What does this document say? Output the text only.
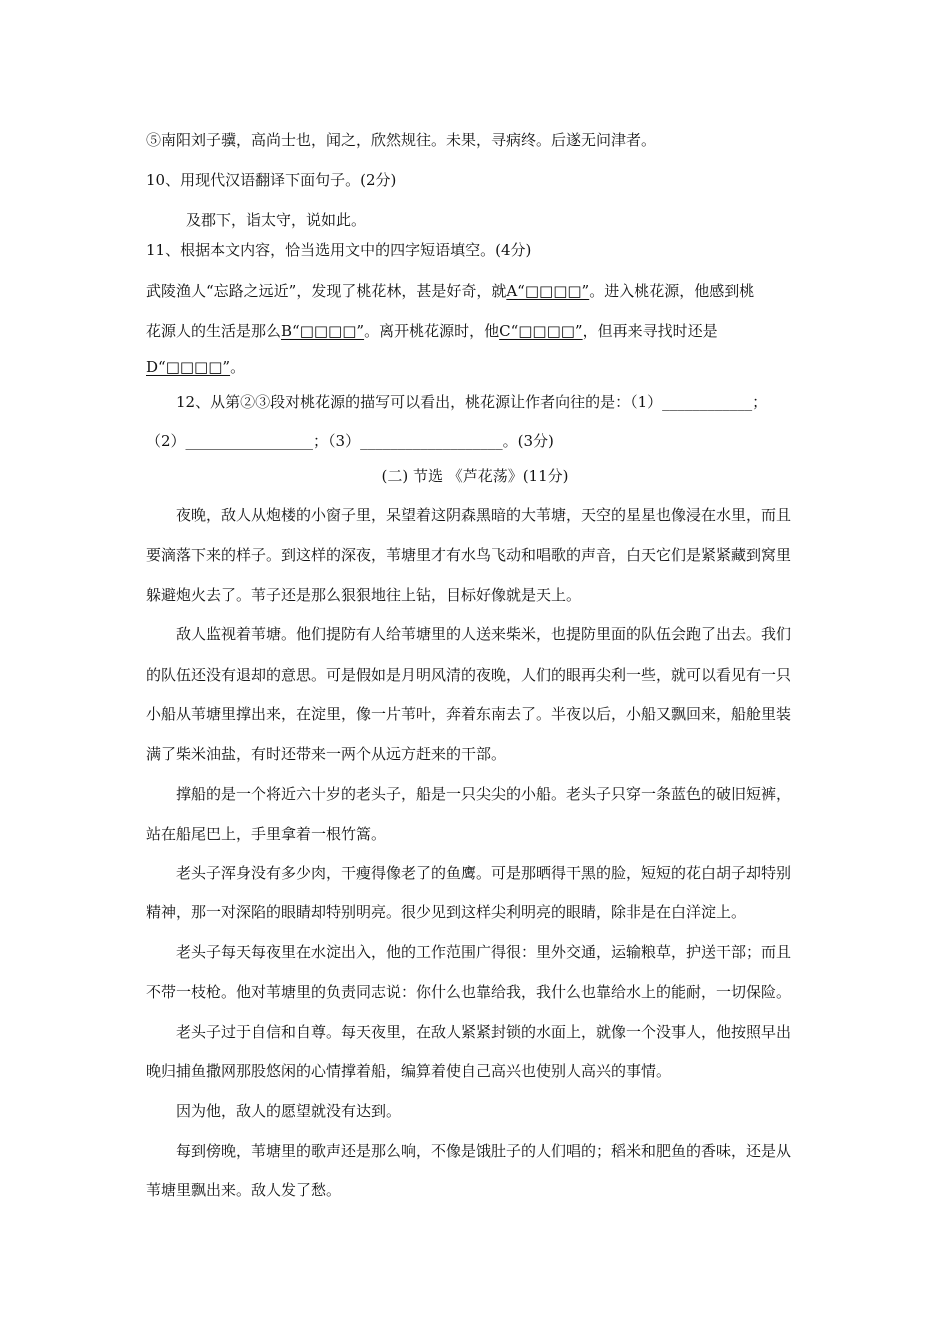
⑤南阳刘子骥，高尚士也，闻之，欣然规往。未果，寻病终。后遂无问津者。
10、用现代汉语翻译下面句子。(2分)
及郡下，诣太守，说如此。
11、根据本文内容，恰当选用文中的四字短语填空。(4分)
武陵渔人“忘路之远近”，发现了桃花林，甚是好奇，就A“□□□□”。进入桃花源，他感到桃
花源人的生活是那么B“□□□□”。离开桃花源时，他C“□□□□”，但再来寻找时还是
D“□□□□”。
12、从第②③段对桃花源的描写可以看出，桃花源让作者向往的是：（1）____________；
（2）_________________；（3）___________________。(3分)
(二) 节选 《芦花荡》(11分)
夜晚，敌人从炮楼的小窗子里，呆望着这阴森黑暗的大苇塘，天空的星星也像浸在水里，而且
要滴落下来的样子。到这样的深夜，苇塘里才有水鸟飞动和唱歌的声音，白天它们是紧紧藏到窝里
躲避炮火去了。苇子还是那么狠狠地往上钻，目标好像就是天上。
敌人监视着苇塘。他们提防有人给苇塘里的人送来柴米，也提防里面的队伍会跑了出去。我们
的队伍还没有退却的意思。可是假如是月明风清的夜晚，人们的眼再尖利一些，就可以看见有一只
小船从苇塘里撑出来，在淀里，像一片苇叶，奔着东南去了。半夜以后，小船又飘回来，船舱里装
满了柴米油盐，有时还带来一两个从远方赶来的干部。
撑船的是一个将近六十岁的老头子，船是一只尖尖的小船。老头子只穿一条蓝色的破旧短裤，
站在船尾巴上，手里拿着一根竹篙。
老头子浑身没有多少肉，干瘦得像老了的鱼鹰。可是那晒得干黑的脸，短短的花白胡子却特别
精神，那一对深陷的眼睛却特别明亮。很少见到这样尖利明亮的眼睛，除非是在白洋淀上。
老头子每天每夜里在水淀出入，他的工作范围广得很：里外交通，运输粮草，护送干部；而且
不带一枝枪。他对苇塘里的负责同志说：你什么也靠给我，我什么也靠给水上的能耐，一切保险。
老头子过于自信和自尊。每天夜里，在敌人紧紧封锁的水面上，就像一个没事人，他按照早出
晚归捕鱼撒网那股悠闲的心情撑着船，编算着使自己高兴也使别人高兴的事情。
因为他，敌人的愿望就没有达到。
每到傍晚，苇塘里的歌声还是那么响，不像是饿肚子的人们唱的；稻米和肥鱼的香味，还是从
苇塘里飘出来。敌人发了愁。
